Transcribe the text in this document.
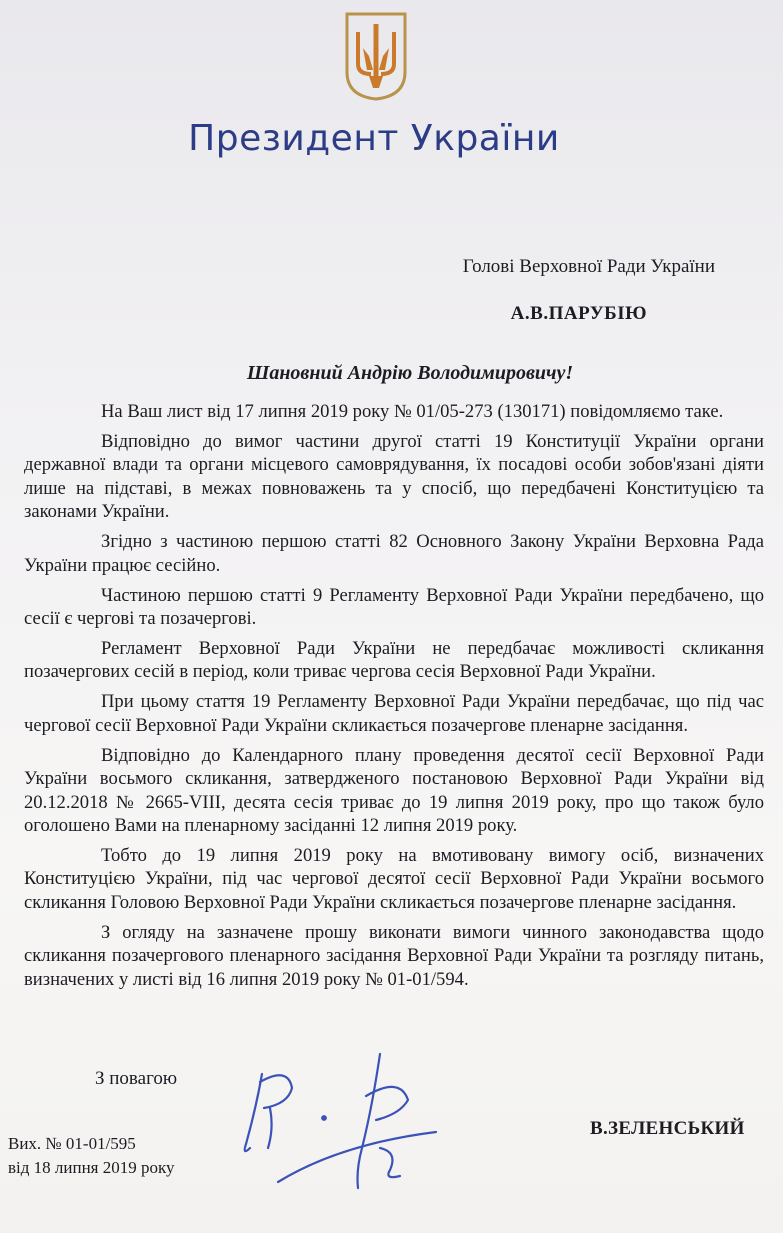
Президент України
Голові Верховної Ради України
А.В.ПАРУБІЮ
Шановний Андрію Володимировичу!

На Ваш лист від 17 липня 2019 року № 01/05-273 (130171) повідомляємо таке.

Відповідно до вимог частини другої статті 19 Конституції України органи державної влади та органи місцевого самоврядування, їх посадові особи зобов'язані діяти лише на підставі, в межах повноважень та у спосіб, що передбачені Конституцією та законами України.

Згідно з частиною першою статті 82 Основного Закону України Верховна Рада України працює сесійно.

Частиною першою статті 9 Регламенту Верховної Ради України передбачено, що сесії є чергові та позачергові.

Регламент Верховної Ради України не передбачає можливості скликання позачергових сесій в період, коли триває чергова сесія Верховної Ради України.

При цьому стаття 19 Регламенту Верховної Ради України передбачає, що під час чергової сесії Верховної Ради України скликається позачергове пленарне засідання.

Відповідно до Календарного плану проведення десятої сесії Верховної Ради України восьмого скликання, затвердженого постановою Верховної Ради України від 20.12.2018 № 2665-VIII, десята сесія триває до 19 липня 2019 року, про що також було оголошено Вами на пленарному засіданні 12 липня 2019 року.

Тобто до 19 липня 2019 року на вмотивовану вимогу осіб, визначених Конституцією України, під час чергової десятої сесії Верховної Ради України восьмого скликання Головою Верховної Ради України скликається позачергове пленарне засідання.

З огляду на зазначене прошу виконати вимоги чинного законодавства щодо скликання позачергового пленарного засідання Верховної Ради України та розгляду питань, визначених у листі від 16 липня 2019 року № 01-01/594.

З повагою
В.ЗЕЛЕНСЬКИЙ
Вих. № 01-01/595
від 18 липня 2019 року
